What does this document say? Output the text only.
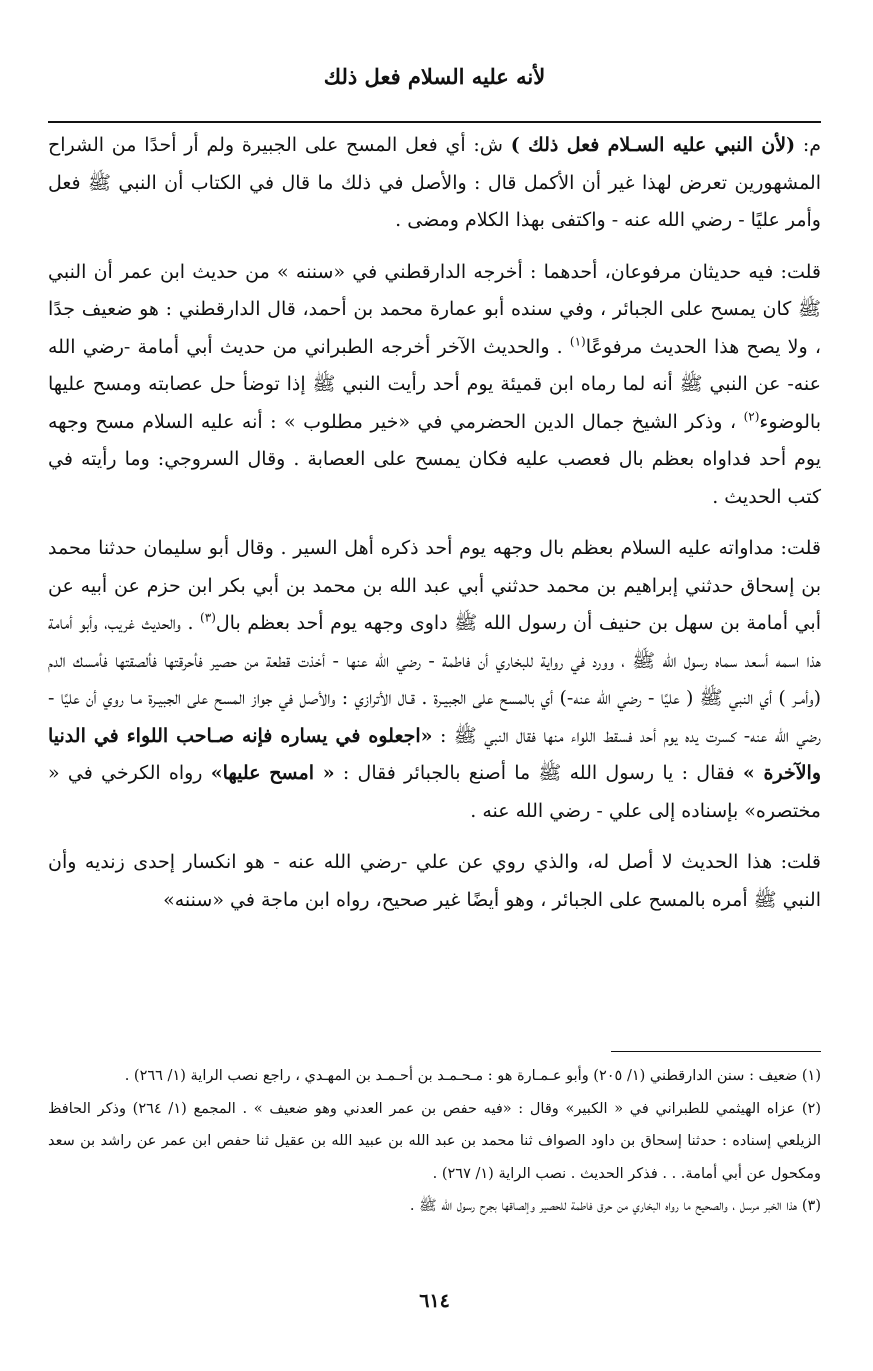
لأنه عليه السلام فعل ذلك

م: (لأن النبي عليه السـلام فعل ذلك ) ش: أي فعل المسح على الجبيرة ولم أر أحدًا من الشراح المشهورين تعرض لهذا غير أن الأكمل قال : والأصل في ذلك ما قال في الكتاب أن النبي ﷺ فعل وأمر عليًا - رضي الله عنه - واكتفى بهذا الكلام ومضى .

قلت: فيه حديثان مرفوعان، أحدهما : أخرجه الدارقطني في «سننه » من حديث ابن عمر أن النبي ﷺ كان يمسح على الجبائر ، وفي سنده أبو عمارة محمد بن أحمد، قال الدارقطني : هو ضعيف جدًا ، ولا يصح هذا الحديث مرفوعًا$^{(١)}$ . والحديث الآخر أخرجه الطبراني من حديث أبي أمامة -رضي الله عنه- عن النبي ﷺ أنه لما رماه ابن قميئة يوم أحد رأيت النبي ﷺ إذا توضأ حل عصابته ومسح عليها بالوضوء$^{(٢)}$ ، وذكر الشيخ جمال الدين الحضرمي في «خير مطلوب » : أنه عليه السلام مسح وجهه يوم أحد فداواه بعظم بال فعصب عليه فكان يمسح على العصابة . وقال السروجي: وما رأيته في كتب الحديث .

قلت: مداواته عليه السلام بعظم بال وجهه يوم أحد ذكره أهل السير . وقال أبو سليمان حدثنا محمد بن إسحاق حدثني إبراهيم بن محمد حدثني أبي عبد الله بن محمد بن أبي بكر ابن حزم عن أبيه عن أبي أمامة بن سهل بن حنيف أن رسول الله ﷺ داوى وجهه يوم أحد بعظم بال$^{(٣)}$ . والحديث غريب، وأبو أمامة هذا اسمه أسعد سماه رسول الله ﷺ ، وورد في رواية للبخاري أن فاطمة - رضي الله عنها - أخذت قطعة من حصير فأحرقتها فألصقتها فأمسك الدم (وأمـر ) أي النبي ﷺ ( عليًا - رضي الله عنه-) أي بالمسح على الجبيـرة . قـال الأترازي : والأصل في جواز المسح على الجبيـرة مـا روي أن عليًا - رضي الله عنه- كسرت يده يوم أحد فسقط اللواء منها فقال النبي ﷺ : «اجعلوه في يساره فإنه صـاحب اللواء في الدنيا والآخرة » فقال : يا رسول الله ﷺ ما أصنع بالجبائر فقال : « امسح عليها» رواه الكرخي في « مختصره» بإسناده إلى علي - رضي الله عنه .

قلت: هذا الحديث لا أصل له، والذي روي عن علي -رضي الله عنه - هو انكسار إحدى زنديه وأن النبي ﷺ أمره بالمسح على الجبائر ، وهو أيضًا غير صحيح، رواه ابن ماجة في «سننه»

(١) ضعيف : سنن الدارقطني (١/ ٢٠٥) وأبو عـمـارة هو : مـحـمـد بن أحـمـد بن المهـدي ، راجع نصب الراية (١/ ٢٦٦) .

(٢) عزاه الهيثمي للطبراني في « الكبير» وقال : «فيه حفص بن عمر العدني وهو ضعيف » . المجمع (١/ ٢٦٤) وذكر الحافظ الزيلعي إسناده : حدثنا إسحاق بن داود الصواف ثنا محمد بن عبد الله بن عبيد الله بن عقيل ثنا حفص ابن عمر عن راشد بن سعد ومكحول عن أبي أمامة. . . فذكر الحديث . نصب الراية (١/ ٢٦٧) .

(٣) هذا الخبر مرسل ، والصحيح ما رواه البخاري من حرق فاطمة للحصير وإلصاقها بجرح رسول الله ﷺ .

٦١٤
